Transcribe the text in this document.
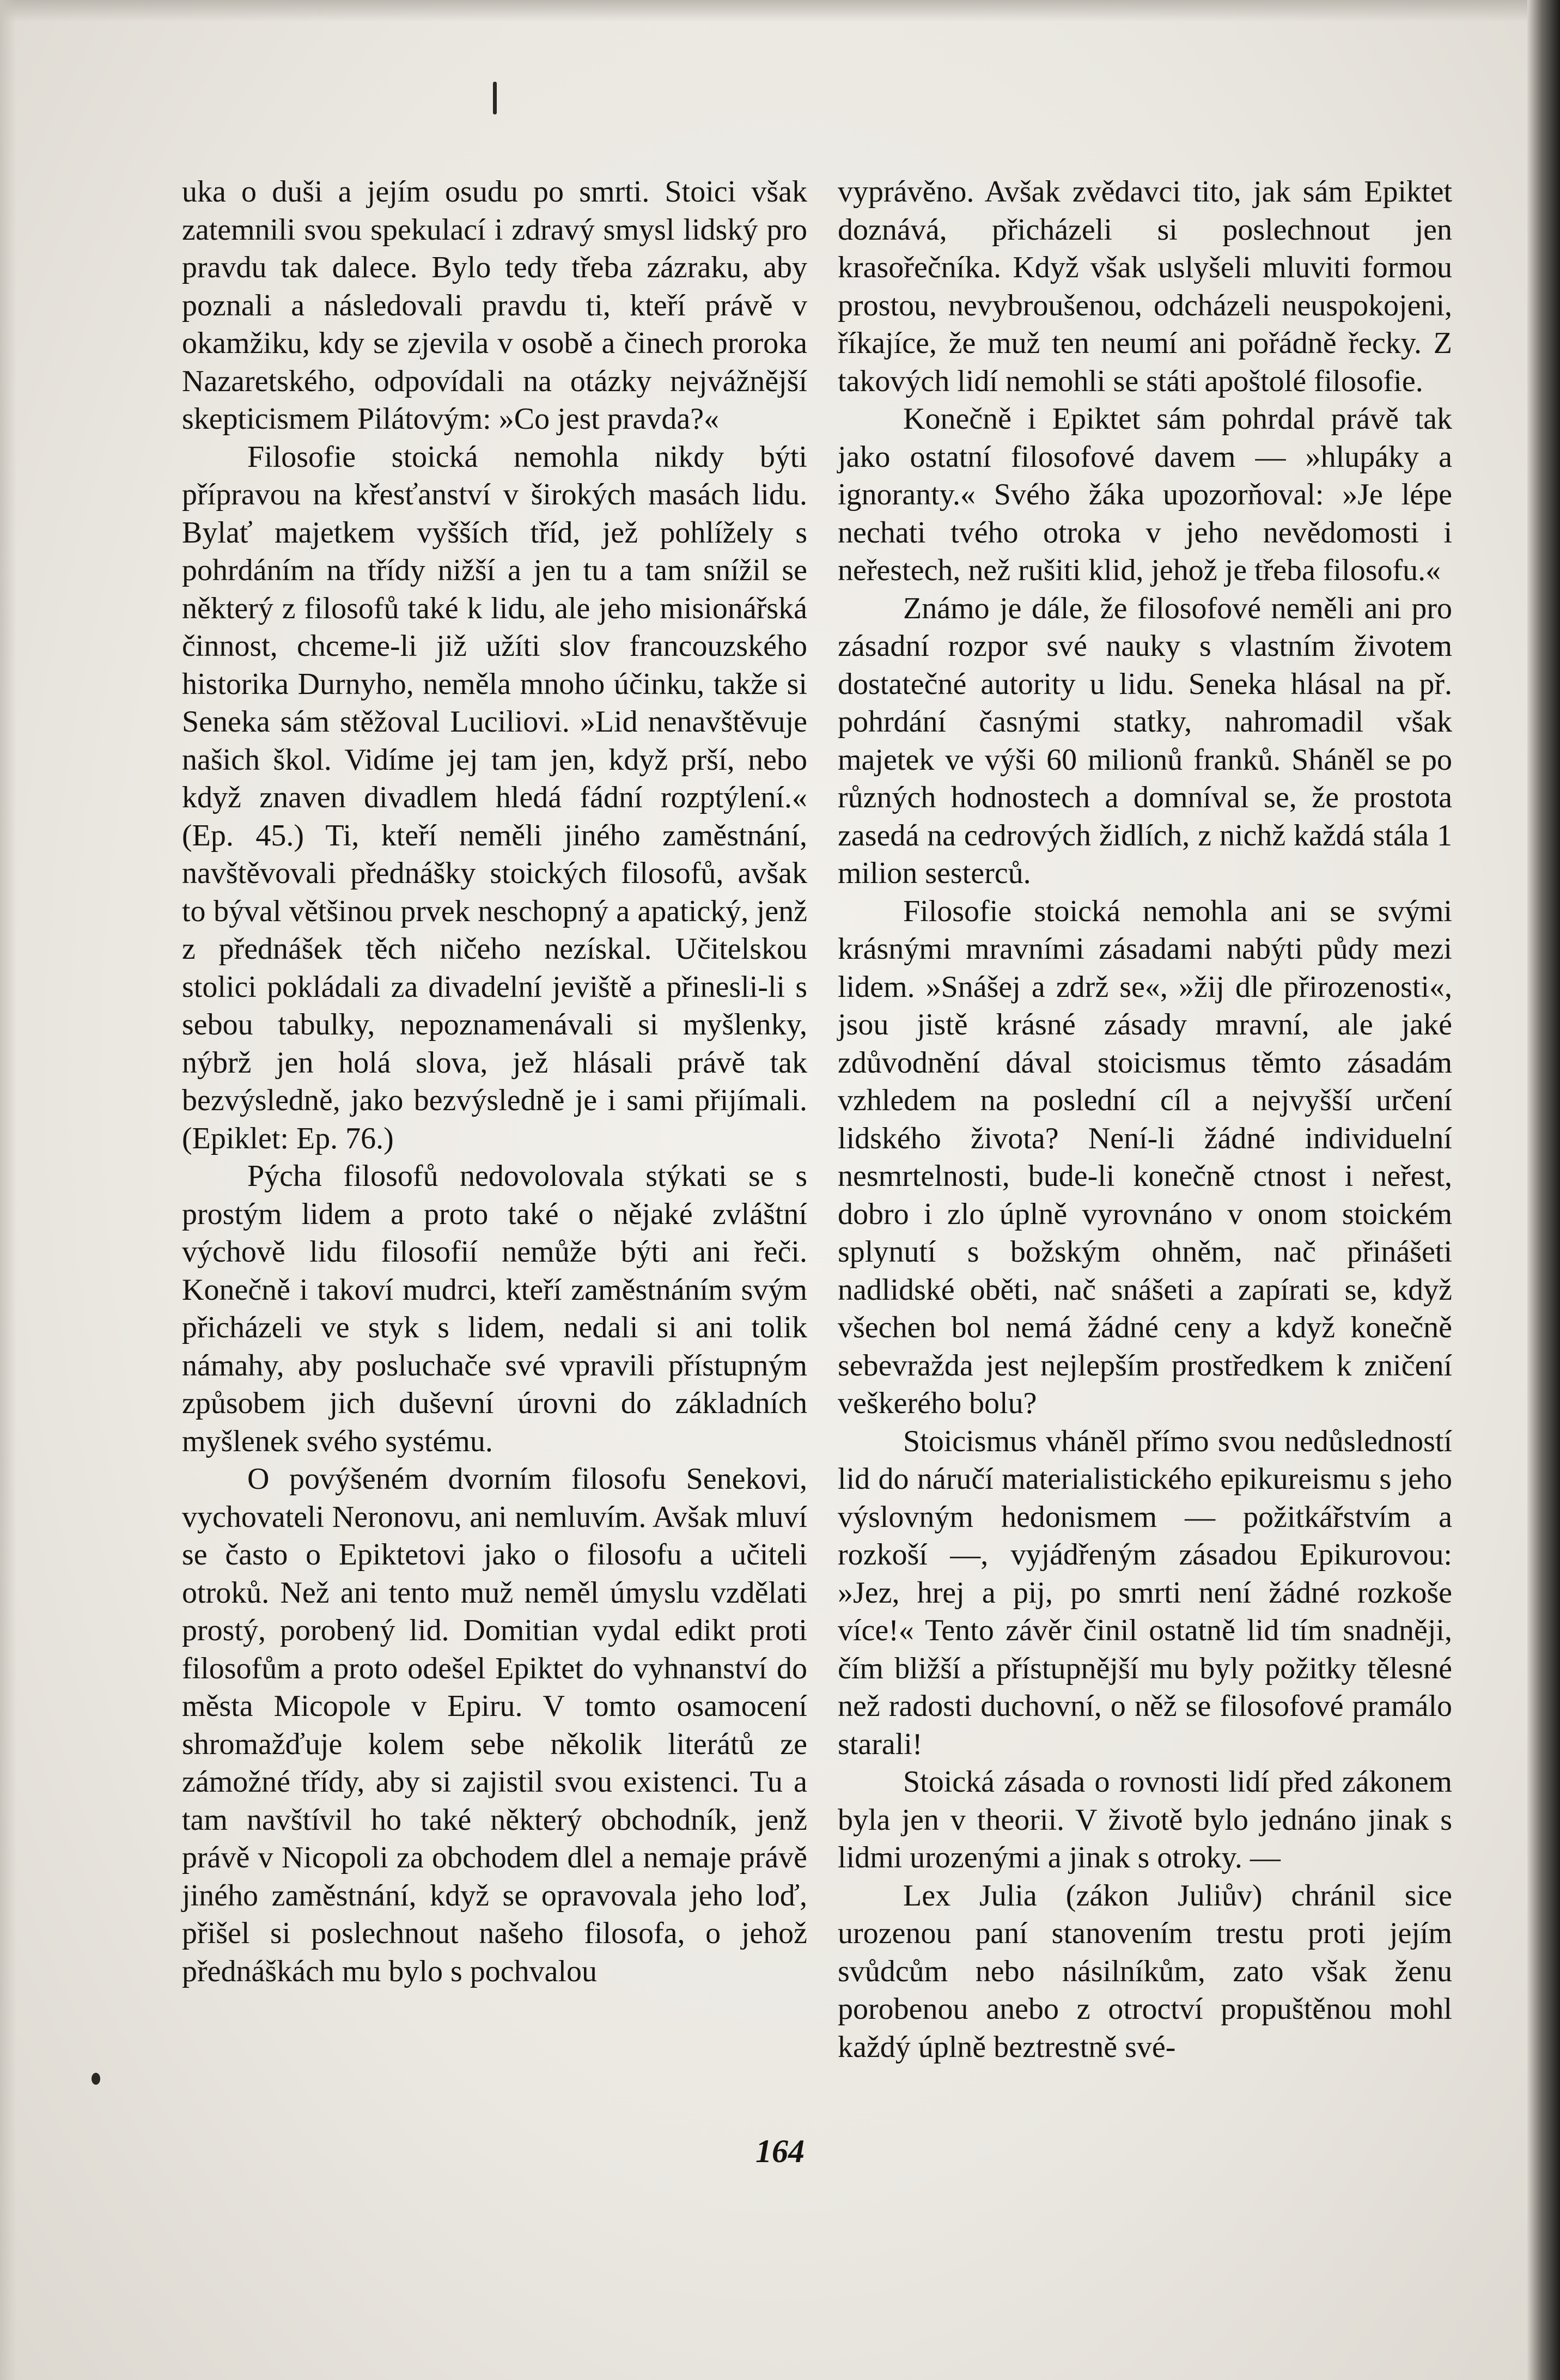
uka o duši a jejím osudu po smrti. Stoici však zatemnili svou spekulací i zdravý smysl lidský pro pravdu tak dalece. Bylo tedy třeba zázraku, aby poznali a následovali pravdu ti, kteří právě v okamžiku, kdy se zjevila v osobě a činech proroka Nazaretského, odpovídali na otázky nejvážnější skepticismem Pilátovým: »Co jest pravda?«

Filosofie stoická nemohla nikdy býti přípravou na křesťanství v širokých masách lidu. Bylať majetkem vyšších tříd, jež pohlížely s pohrdáním na třídy nižší a jen tu a tam snížil se některý z filosofů také k lidu, ale jeho misionářská činnost, chceme-li již užíti slov francouzského historika Durnyho, neměla mnoho účinku, takže si Seneka sám stěžoval Luciliovi. »Lid nenavštěvuje našich škol. Vidíme jej tam jen, když prší, nebo když znaven divadlem hledá fádní rozptýlení.« (Ep. 45.) Ti, kteří neměli jiného zaměstnání, navštěvovali přednášky stoických filosofů, avšak to býval většinou prvek neschopný a apatický, jenž z přednášek těch ničeho nezískal. Učitelskou stolici pokládali za divadelní jeviště a přinesli-li s sebou tabulky, nepoznamenávali si myšlenky, nýbrž jen holá slova, jež hlásali právě tak bezvýsledně, jako bezvýsledně je i sami přijímali. (Epiklet: Ep. 76.)

Pýcha filosofů nedovolovala stýkati se s prostým lidem a proto také o nějaké zvláštní výchově lidu filosofií nemůže býti ani řeči. Konečně i takoví mudrci, kteří zaměstnáním svým přicházeli ve styk s lidem, nedali si ani tolik námahy, aby posluchače své vpravili přístupným způsobem jich duševní úrovni do základních myšlenek svého systému.

O povýšeném dvorním filosofu Senekovi, vychovateli Neronovu, ani nemluvím. Avšak mluví se často o Epiktetovi jako o filosofu a učiteli otroků. Než ani tento muž neměl úmyslu vzdělati prostý, porobený lid. Domitian vydal edikt proti filosofům a proto odešel Epiktet do vyhnanství do města Micopole v Epiru. V tomto osamocení shromažďuje kolem sebe několik literátů ze zámožné třídy, aby si zajistil svou existenci. Tu a tam navštívil ho také některý obchodník, jenž právě v Nicopoli za obchodem dlel a nemaje právě jiného zaměstnání, když se opravovala jeho loď, přišel si poslechnout našeho filosofa, o jehož přednáškách mu bylo s pochvalou

vyprávěno. Avšak zvědavci tito, jak sám Epiktet doznává, přicházeli si poslechnout jen krasořečníka. Když však uslyšeli mluviti formou prostou, nevybroušenou, odcházeli neuspokojeni, říkajíce, že muž ten neumí ani pořádně řecky. Z takových lidí nemohli se státi apoštolé filosofie.

Konečně i Epiktet sám pohrdal právě tak jako ostatní filosofové davem — »hlupáky a ignoranty.« Svého žáka upozorňoval: »Je lépe nechati tvého otroka v jeho nevědomosti i neřestech, než rušiti klid, jehož je třeba filosofu.«

Známo je dále, že filosofové neměli ani pro zásadní rozpor své nauky s vlastním životem dostatečné autority u lidu. Seneka hlásal na př. pohrdání časnými statky, nahromadil však majetek ve výši 60 milionů franků. Sháněl se po různých hodnostech a domníval se, že prostota zasedá na cedrových židlích, z nichž každá stála 1 milion sesterců.

Filosofie stoická nemohla ani se svými krásnými mravními zásadami nabýti půdy mezi lidem. »Snášej a zdrž se«, »žij dle přirozenosti«, jsou jistě krásné zásady mravní, ale jaké zdůvodnění dával stoicismus těmto zásadám vzhledem na poslední cíl a nejvyšší určení lidského života? Není-li žádné individuelní nesmrtelnosti, bude-li konečně ctnost i neřest, dobro i zlo úplně vyrovnáno v onom stoickém splynutí s božským ohněm, nač přinášeti nadlidské oběti, nač snášeti a zapírati se, když všechen bol nemá žádné ceny a když konečně sebevražda jest nejlepším prostředkem k zničení veškerého bolu?

Stoicismus vháněl přímo svou nedůsledností lid do náručí materialistického epikureismu s jeho výslovným hedonismem — požitkářstvím a rozkoší —, vyjádřeným zásadou Epikurovou: »Jez, hrej a pij, po smrti není žádné rozkoše více!« Tento závěr činil ostatně lid tím snadněji, čím bližší a přístupnější mu byly požitky tělesné než radosti duchovní, o něž se filosofové pramálo starali!

Stoická zásada o rovnosti lidí před zákonem byla jen v theorii. V životě bylo jednáno jinak s lidmi urozenými a jinak s otroky. —

Lex Julia (zákon Juliův) chránil sice urozenou paní stanovením trestu proti jejím svůdcům nebo násilníkům, zato však ženu porobenou anebo z otroctví propuštěnou mohl každý úplně beztrestně své-

164
